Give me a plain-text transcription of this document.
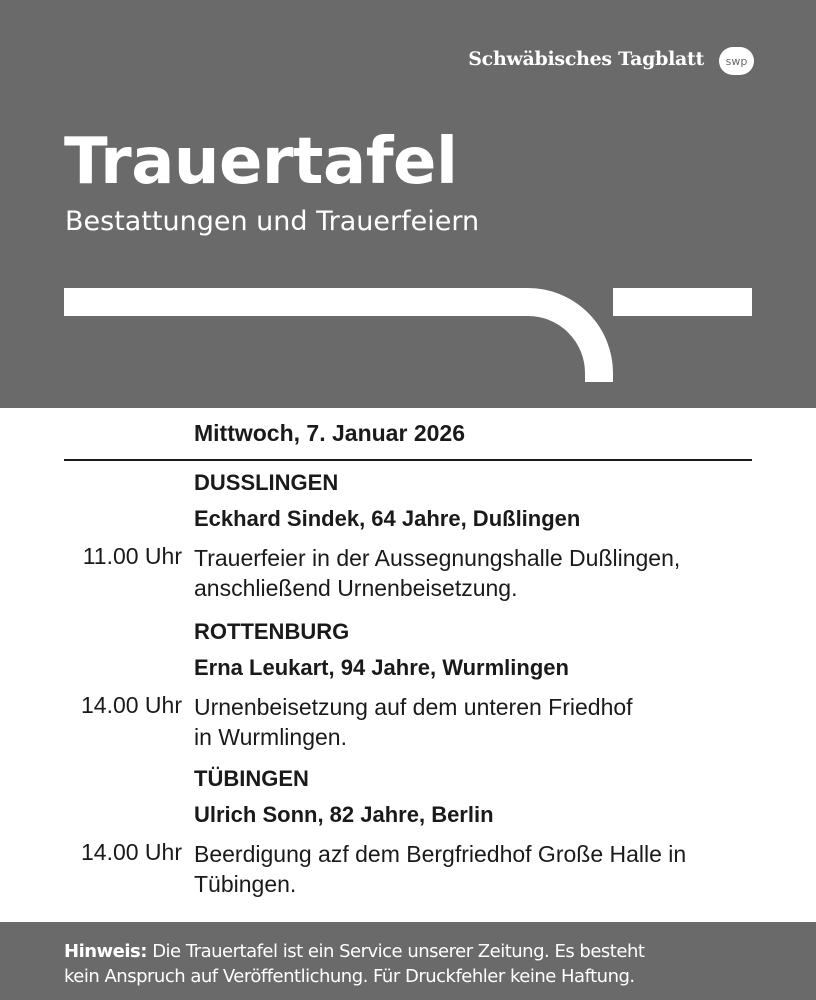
Schwäbisches Tagblatt	swp
Trauertafel
Bestattungen und Trauerfeiern
Mittwoch, 7. Januar 2026
DUSSLINGEN
Eckhard Sindek, 64 Jahre, Dußlingen
11.00 Uhr Trauerfeier in der Aussegnungshalle Dußlingen,
anschließend Urnenbeisetzung.
ROTTENBURG
Erna Leukart, 94 Jahre, Wurmlingen
14.00 Uhr Urnenbeisetzung auf dem unteren Friedhof
in Wurmlingen.
TÜBINGEN
Ulrich Sonn, 82 Jahre, Berlin
14.00 Uhr Beerdigung azf dem Bergfriedhof Große Halle in
Tübingen.
Hinweis: Die Trauertafel ist ein Service unserer Zeitung. Es besteht
kein Anspruch auf Veröffentlichung. Für Druckfehler keine Haftung.
